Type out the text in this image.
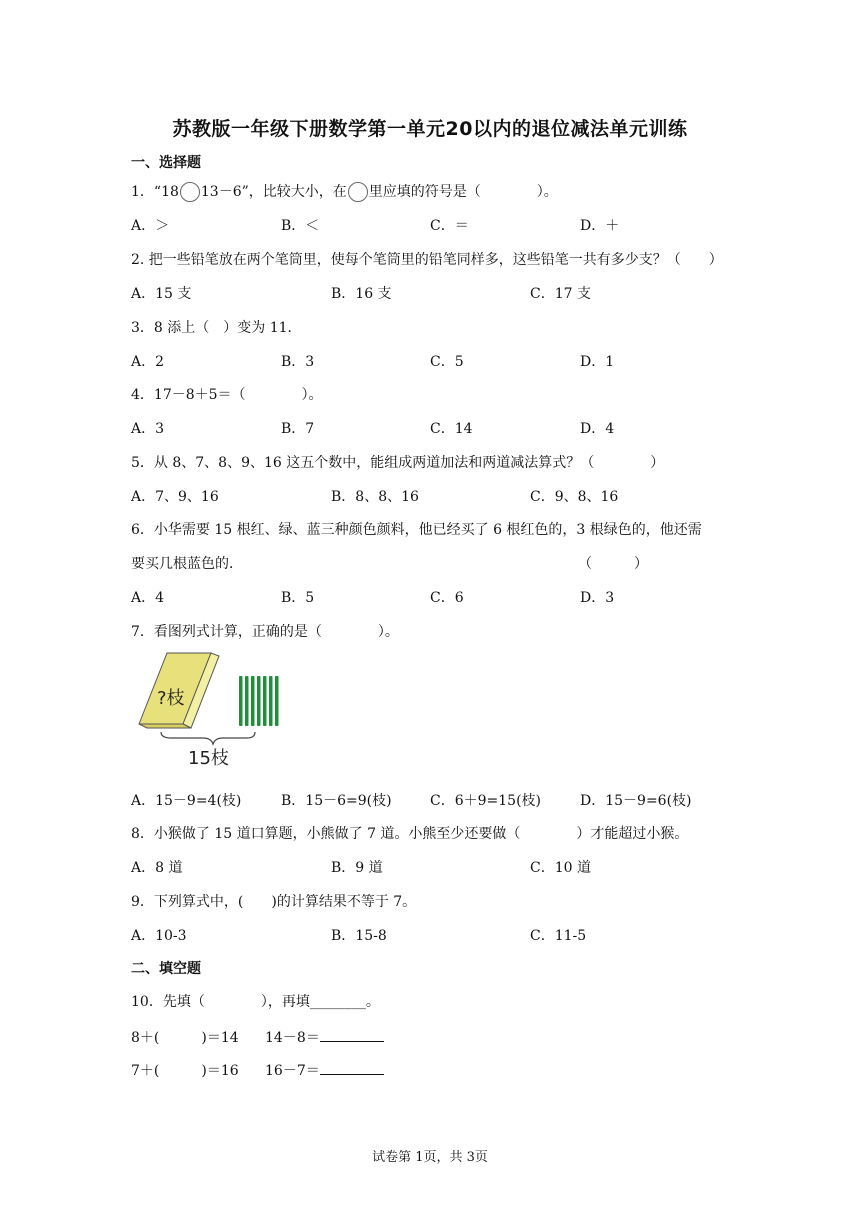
苏教版一年级下册数学第一单元20以内的退位减法单元训练
一、选择题
1．“18 13－6”，比较大小，在 里应填的符号是（　　　　）。
A．＞	B．＜	C．＝	D．＋
2. 把一些铅笔放在两个笔筒里，使每个笔筒里的铅笔同样多，这些铅笔一共有多少支？（　　）
A．15 支	B．16 支	C．17 支
3．8 添上（　）变为 11．
A．2	B．3	C．5	D．1
4．17－8＋5＝（　　　　）。
A．3	B．7	C．14	D．4
5．从 8、7、8、9、16 这五个数中，能组成两道加法和两道减法算式？（　　　　）
A．7、9、16	B．8、8、16	C．9、8、16
6．小华需要 15 根红、绿、蓝三种颜色颜料，他已经买了 6 根红色的，3 根绿色的，他还需
要买几根蓝色的．	（　　　）
A．4	B．5	C．6	D．3
7．看图列式计算，正确的是（　　　　）。
?枝
15枝
A．15－9=4(枝)	B．15－6=9(枝)	C．6＋9=15(枝)	D．15－9=6(枝)
8．小猴做了 15 道口算题，小熊做了 7 道。小熊至少还要做（　　　　）才能超过小猴。
A．8 道	B．9 道	C．10 道
9．下列算式中，(　　)的计算结果不等于 7。
A．10-3	B．15-8	C．11-5
二、填空题
10．先填（　　　　），再填________。
8＋(　　　)＝14 14－8＝
7＋(　　　)＝16 16－7＝
试卷第 1页，共 3页
